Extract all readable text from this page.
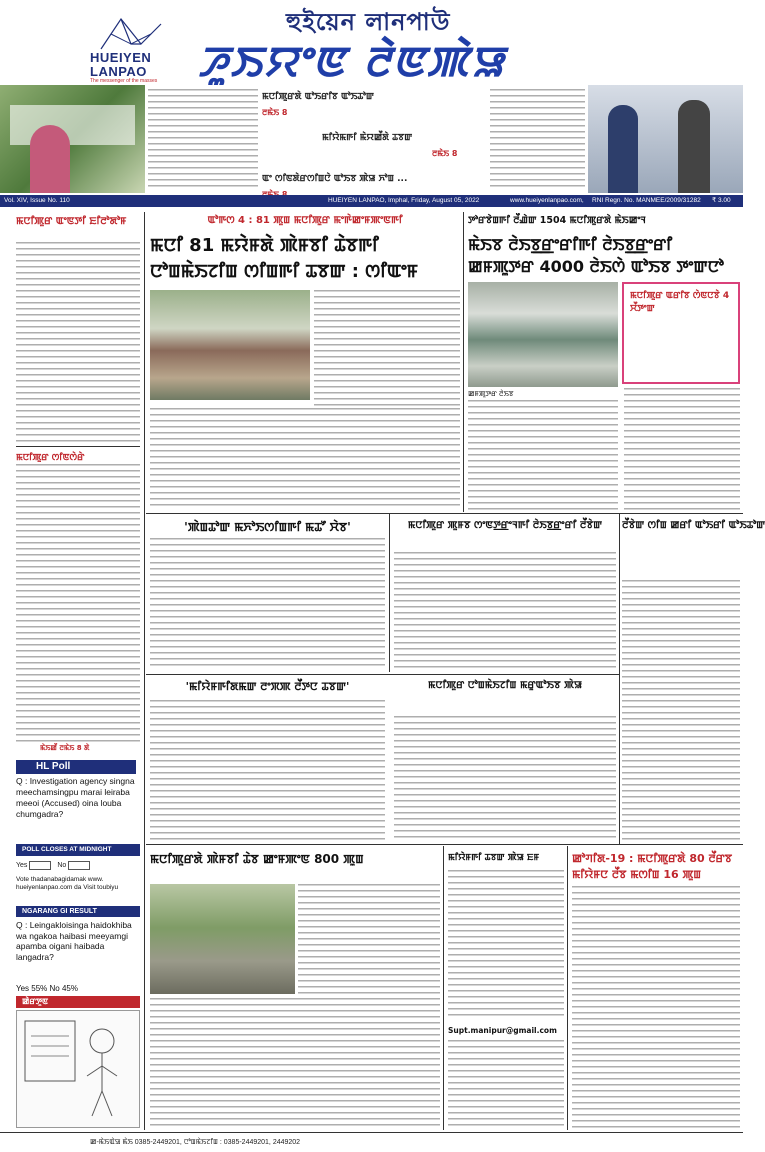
HUEIYEN
LANPAO
The messenger of the masses
হুইয়েন লানপাউ
ꯍꯨꯏꯌꯦꯟ ꯂꯥꯟꯄꯥꯎ
ꯃꯅꯤꯄꯨꯔꯗꯥ ꯑꯣꯏꯔꯤꯕ ꯑꯣꯏꯊꯣꯛ
ꯂꯃꯥꯏ 8
ꯃꯤꯌꯥꯃꯒꯤ ꯃꯥꯌꯀꯩꯗꯥ ꯊꯕꯛ
ꯂꯃꯥꯏ 8
ꯑꯦ ꯁꯤꯟꯗꯥꯔꯁꯤꯡꯅꯥ ꯑꯣꯏꯕ ꯄꯥꯎ ꯈꯣꯡ ...
Vol. XIV, Issue No. 110	HUEIYEN LANPAO, Imphal, Friday, August 05, 2022	www.hueiyenlanpao.com, RNI Regn. No. MANMEE/2009/31282 ₹ 3.00
ꯃꯅꯤꯄꯨꯔ ꯑꯦꯟꯇꯤ ꯐꯤꯂꯣꯗꯣꯝ
ꯃꯅꯤꯄꯨꯔ ꯁꯤꯟꯁꯥꯔꯥ
ꯃꯥꯏꯀꯩ ꯂꯃꯥꯏ 8 ꯗꯥ
HL Poll
Q : Investigation agency singna meechamsingpu marai leiraba meeoi (Accused) oina louba chumgadra?
POLL CLOSES AT MIDNIGHT
Yes	No
Vote thadanabagidamak www. hueiyenlanpao.com da Visit toubiyu
NGARANG GI RESULT
Q : Leingakloisinga haidokhiba wa ngakoa haibasi meeyamgi apamba oigani haibada langadra?
Yes 55% No 45%
ꯀꯥꯔꯇꯨꯟ
ꯑꯣꯒꯁ 4 : 81 ꯄꯨꯡ ꯃꯅꯤꯄꯨꯔ ꯃꯦꯒꯥꯀꯦꯝꯄꯦꯟꯒꯤ
ꯃꯅꯤ 81 ꯃꯌꯥꯝꯗꯥ ꯄꯥꯝꯕꯤ ꯊꯥꯕꯒꯤ
ꯅꯣꯡꯃꯥꯏꯖꯤꯡ ꯁꯤꯡꯒꯤ ꯊꯕꯛ : ꯁꯤꯑꯦꯝ
ꯇꯣꯔꯕꯥꯡꯒꯤ ꯂꯩꯉꯥꯛ 1504 ꯃꯅꯤꯄꯨꯔꯗꯥ ꯃꯥꯏꯀꯦꯜ
ꯃꯥꯏꯕ ꯂꯥꯏꯕ꯭ꯔꯦꯔꯤꯒꯤ ꯂꯥꯏꯕ꯭ꯔꯦꯔꯤ
ꯀꯝꯄꯨꯇꯔ 4000 ꯂꯥꯏꯁꯥ ꯑꯣꯏꯕ ꯇꯦꯛꯅꯣ
ꯀꯝꯄꯨꯇꯔ ꯂꯥꯏꯕ
ꯃꯅꯤꯄꯨꯔ ꯑꯔꯤꯕ ꯁꯥꯟꯅꯕꯥ 4 ꯆꯩꯇꯦꯛ
'ꯄꯥꯡꯊꯣꯛ ꯃꯈꯣꯏꯁꯤꯡꯒꯤ ꯃꯊꯧ ꯆꯥꯕ'	ꯃꯅꯤꯄꯨꯔ ꯄꯨꯝꯕ ꯁꯦꯟꯇ꯭ꯔꯦꯜꯒꯤ ꯂꯥꯏꯕ꯭ꯔꯦꯔꯤ ꯂꯩꯕꯥꯛ	ꯂꯩꯕꯥꯛ ꯁꯤꯡ ꯀꯔꯤ ꯑꯣꯏꯔꯤ ꯑꯣꯏꯊꯣꯛ
'ꯃꯤꯌꯥꯝꯒꯤꯗꯃꯛ ꯂꯦꯞꯄ ꯂꯩꯇꯅ ꯊꯕꯛ'	ꯃꯅꯤꯄꯨꯔ ꯅꯣꯡꯃꯥꯏꯖꯤꯡ ꯃꯔꯨꯑꯣꯏꯕ ꯄꯥꯎ
ꯃꯅꯤꯄꯨꯔꯗꯥ ꯄꯥꯝꯕꯤ ꯊꯥꯕ ꯀꯦꯝꯄꯦꯟ 800 ꯄꯨꯡ	ꯃꯤꯌꯥꯝꯒꯤ ꯊꯕꯛ ꯄꯥꯎ ꯐꯝ
Supt.manipur@gmail.com
ꯀꯣꯚꯤꯗ-19 : ꯃꯅꯤꯄꯨꯔꯗꯥ 80 ꯂꯩꯔꯕ
ꯃꯤꯌꯥꯝꯅ ꯂꯩꯕ ꯃꯁꯤꯡ 16 ꯄꯨꯡ
ꯀ-ꯃꯥꯏꯑꯥꯎ ꯃꯥꯏ 0385-2449201, ꯅꯣꯡꯃꯥꯏꯖꯤꯡ : 0385-2449201, 2449202
